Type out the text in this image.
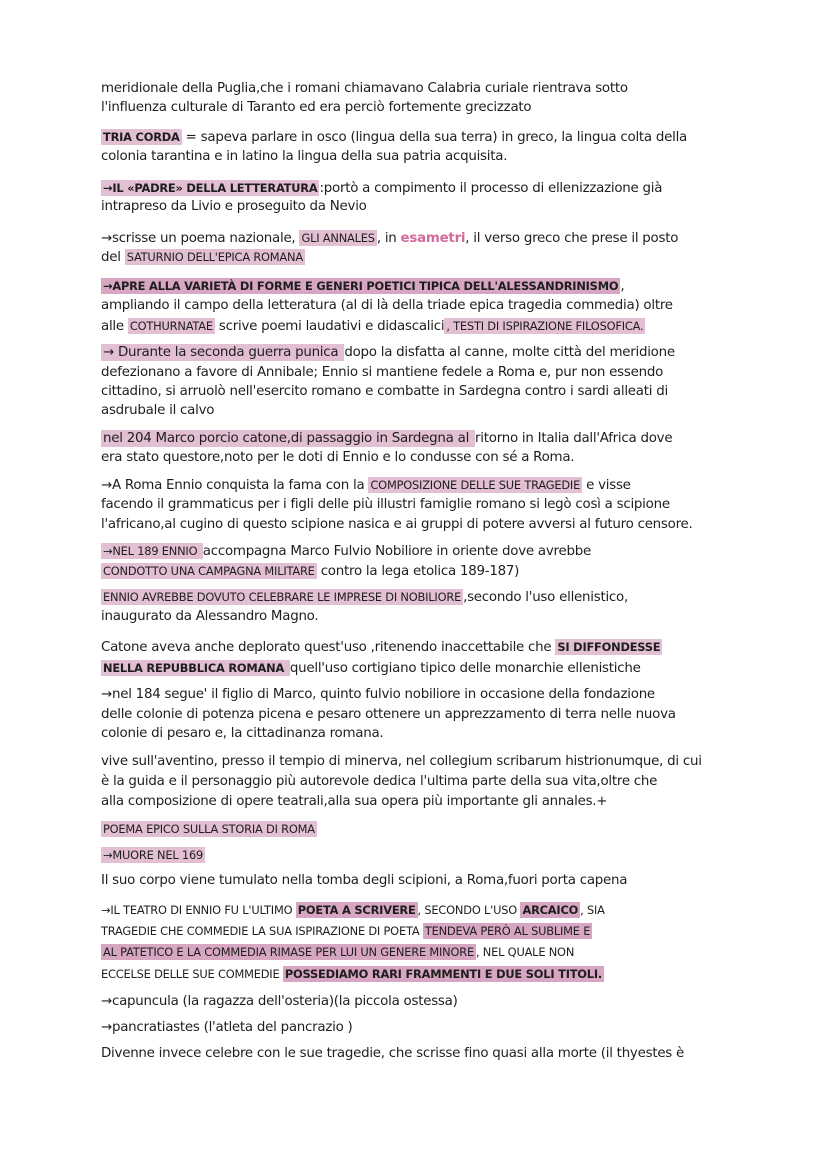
meridionale della Puglia,che i romani chiamavano Calabria curiale rientrava sotto
l'influenza culturale di Taranto ed era perciò fortemente grecizzato
TRIA CORDA = sapeva parlare in osco (lingua della sua terra) in greco, la lingua colta della
colonia tarantina e in latino la lingua della sua patria acquisita.
→IL «PADRE» DELLA LETTERATURA :portò a compimento il processo di ellenizzazione già
intrapreso da Livio e proseguito da Nevio
→scrisse un poema nazionale, GLI ANNALES , in esametri, il verso greco che prese il posto
del SATURNIO DELL'EPICA ROMANA
→APRE ALLA VARIETÀ DI FORME E GENERI POETICI TIPICA DELL'ALESSANDRINISMO ,
ampliando il campo della letteratura (al di là della triade epica tragedia commedia) oltre
alle COTHURNATAE scrive poemi laudativi e didascalici , TESTI DI ISPIRAZIONE FILOSOFICA.
→ Durante la seconda guerra punica dopo la disfatta al canne, molte città del meridione
defezionano a favore di Annibale; Ennio si mantiene fedele a Roma e, pur non essendo
cittadino, si arruolò nell'esercito romano e combatte in Sardegna contro i sardi alleati di
asdrubale il calvo
nel 204 Marco porcio catone,di passaggio in Sardegna al ritorno in Italia dall'Africa dove
era stato questore,noto per le doti di Ennio e lo condusse con sé a Roma.
→A Roma Ennio conquista la fama con la COMPOSIZIONE DELLE SUE TRAGEDIE e visse
facendo il grammaticus per i figli delle più illustri famiglie romano si legò così a scipione
l'africano,al cugino di questo scipione nasica e ai gruppi di potere avversi al futuro censore.
→NEL 189 ENNIO accompagna Marco Fulvio Nobiliore in oriente dove avrebbe
CONDOTTO UNA CAMPAGNA MILITARE contro la lega etolica 189-187)
ENNIO AVREBBE DOVUTO CELEBRARE LE IMPRESE DI NOBILIORE ,secondo l'uso ellenistico,
inaugurato da Alessandro Magno.
Catone aveva anche deplorato quest'uso ,ritenendo inaccettabile che SI DIFFONDESSE
NELLA REPUBBLICA ROMANA quell'uso cortigiano tipico delle monarchie ellenistiche
→nel 184 segue' il figlio di Marco, quinto fulvio nobiliore in occasione della fondazione
delle colonie di potenza picena e pesaro ottenere un apprezzamento di terra nelle nuova
colonie di pesaro e, la cittadinanza romana.
vive sull'aventino, presso il tempio di minerva, nel collegium scribarum histrionumque, di cui
è la guida e il personaggio più autorevole dedica l'ultima parte della sua vita,oltre che
alla composizione di opere teatrali,alla sua opera più importante gli annales.+
POEMA EPICO SULLA STORIA DI ROMA
→MUORE NEL 169
Il suo corpo viene tumulato nella tomba degli scipioni, a Roma,fuori porta capena
→IL TEATRO DI ENNIO FU L'ULTIMO POETA A SCRIVERE , SECONDO L'USO ARCAICO , SIA
TRAGEDIE CHE COMMEDIE LA SUA ISPIRAZIONE DI POETA TENDEVA PERÒ AL SUBLIME E
AL PATETICO E LA COMMEDIA RIMASE PER LUI UN GENERE MINORE , NEL QUALE NON
ECCELSE DELLE SUE COMMEDIE POSSEDIAMO RARI FRAMMENTI E DUE SOLI TITOLI.
→capuncula (la ragazza dell'osteria)(la piccola ostessa)
→pancratiastes (l'atleta del pancrazio )
Divenne invece celebre con le sue tragedie, che scrisse fino quasi alla morte (il thyestes è
